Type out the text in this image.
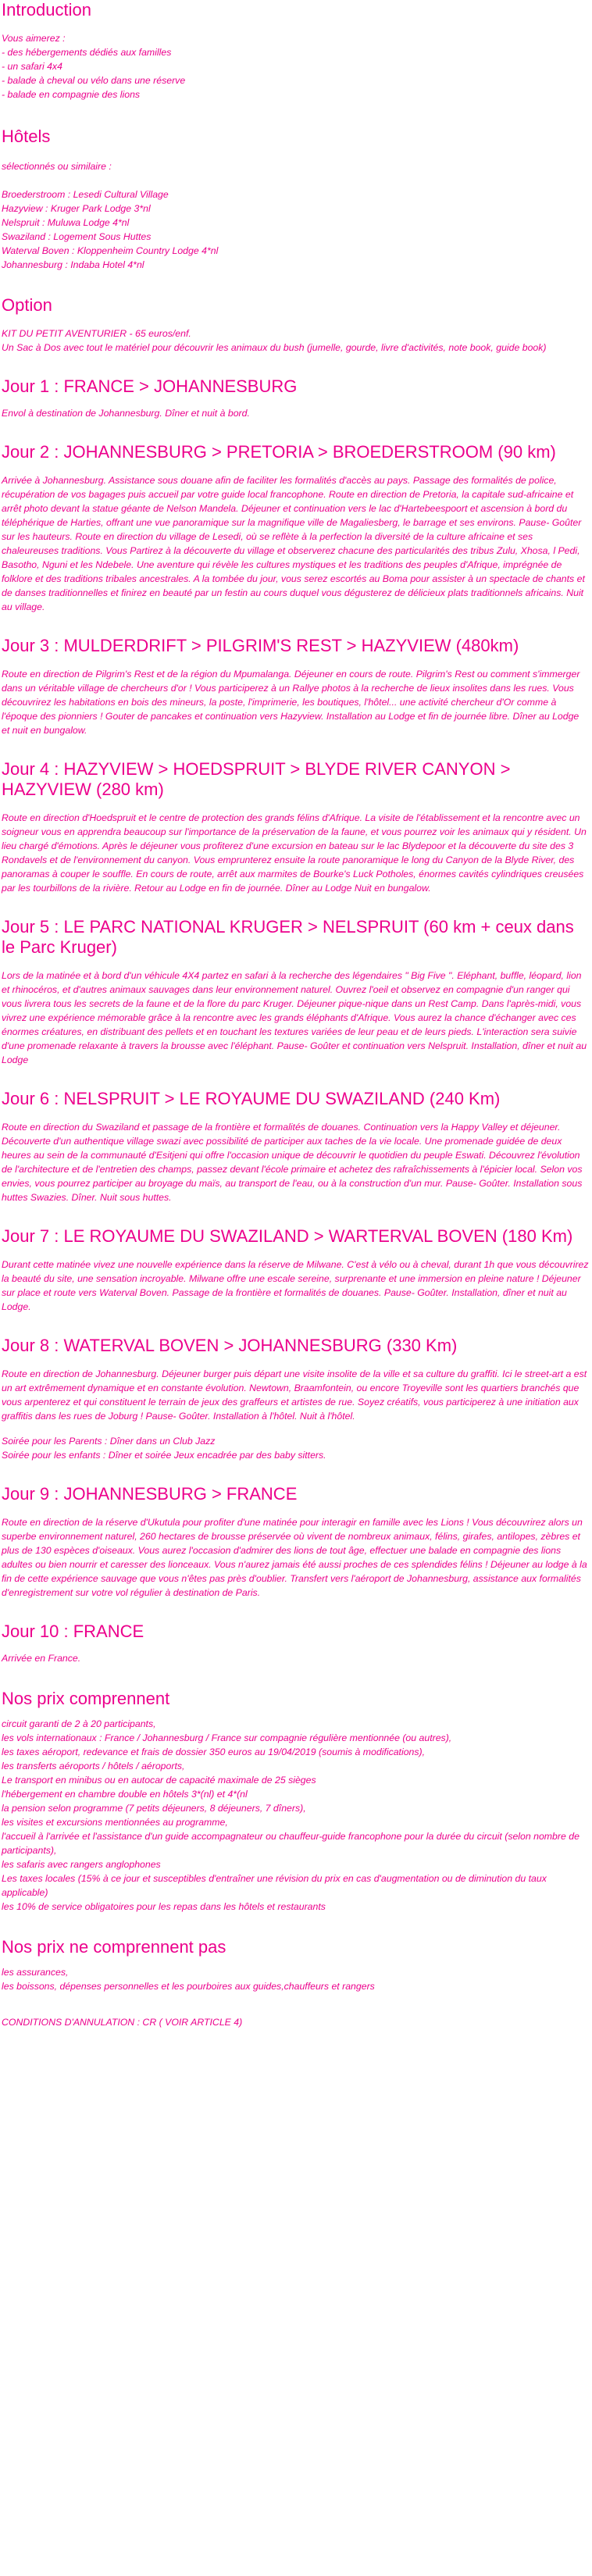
Introduction

Vous aimerez :
- des hébergements dédiés aux familles
- un safari 4x4
- balade à cheval ou vélo dans une réserve
- balade en compagnie des lions

Hôtels

sélectionnés ou similaire :

Broederstroom : Lesedi Cultural Village
Hazyview : Kruger Park Lodge 3*nl
Nelspruit : Muluwa Lodge 4*nl
Swaziland : Logement Sous Huttes
Waterval Boven : Kloppenheim Country Lodge 4*nl
Johannesburg : Indaba Hotel 4*nl

Option

KIT DU PETIT AVENTURIER - 65 euros/enf.
Un Sac à Dos avec tout le matériel pour découvrir les animaux du bush (jumelle, gourde, livre d'activités, note book, guide book)

Jour 1 : FRANCE > JOHANNESBURG

Envol à destination de Johannesburg. Dîner et nuit à bord.

Jour 2 : JOHANNESBURG > PRETORIA > BROEDERSTROOM (90 km)

Arrivée à Johannesburg. Assistance sous douane afin de faciliter les formalités d'accès au pays. Passage des formalités de police, récupération de vos bagages puis accueil par votre guide local francophone. Route en direction de Pretoria, la capitale sud-africaine et arrêt photo devant la statue géante de Nelson Mandela. Déjeuner et continuation vers le lac d'Hartebeespoort et ascension à bord du téléphérique de Harties, offrant une vue panoramique sur la magnifique ville de Magaliesberg, le barrage et ses environs. Pause- Goûter sur les hauteurs. Route en direction du village de Lesedi, où se reflète à la perfection la diversité de la culture africaine et ses chaleureuses traditions. Vous Partirez à la découverte du village et observerez chacune des particularités des tribus Zulu, Xhosa, l Pedi, Basotho, Nguni et les Ndebele. Une aventure qui révèle les cultures mystiques et les traditions des peuples d'Afrique, imprégnée de folklore et des traditions tribales ancestrales. A la tombée du jour, vous serez escortés au Boma pour assister à un spectacle de chants et de danses traditionnelles et finirez en beauté par un festin au cours duquel vous dégusterez de délicieux plats traditionnels africains. Nuit au village.

Jour 3 : MULDERDRIFT > PILGRIM'S REST > HAZYVIEW (480km)

Route en direction de Pilgrim's Rest et de la région du Mpumalanga. Déjeuner en cours de route. Pilgrim's Rest ou comment s'immerger dans un véritable village de chercheurs d'or ! Vous participerez à un Rallye photos à la recherche de lieux insolites dans les rues. Vous découvrirez les habitations en bois des mineurs, la poste, l'imprimerie, les boutiques, l'hôtel... une activité chercheur d'Or comme à l'époque des pionniers ! Gouter de pancakes et continuation vers Hazyview. Installation au Lodge et fin de journée libre. Dîner au Lodge et nuit en bungalow.

Jour 4 : HAZYVIEW > HOEDSPRUIT > BLYDE RIVER CANYON > HAZYVIEW (280 km)

Route en direction d'Hoedspruit et le centre de protection des grands félins d'Afrique. La visite de l'établissement et la rencontre avec un soigneur vous en apprendra beaucoup sur l'importance de la préservation de la faune, et vous pourrez voir les animaux qui y résident. Un lieu chargé d'émotions. Après le déjeuner vous profiterez d'une excursion en bateau sur le lac Blydepoor et la découverte du site des 3 Rondavels et de l'environnement du canyon. Vous emprunterez ensuite la route panoramique le long du Canyon de la Blyde River, des panoramas à couper le souffle. En cours de route, arrêt aux marmites de Bourke's Luck Potholes, énormes cavités cylindriques creusées par les tourbillons de la rivière. Retour au Lodge en fin de journée. Dîner au Lodge Nuit en bungalow.

Jour 5 : LE PARC NATIONAL KRUGER > NELSPRUIT (60 km + ceux dans le Parc Kruger)

Lors de la matinée et à bord d'un véhicule 4X4 partez en safari à la recherche des légendaires " Big Five ". Eléphant, buffle, léopard, lion et rhinocéros, et d'autres animaux sauvages dans leur environnement naturel. Ouvrez l'oeil et observez en compagnie d'un ranger qui vous livrera tous les secrets de la faune et de la flore du parc Kruger. Déjeuner pique-nique dans un Rest Camp. Dans l'après-midi, vous vivrez une expérience mémorable grâce à la rencontre avec les grands éléphants d'Afrique. Vous aurez la chance d'échanger avec ces énormes créatures, en distribuant des pellets et en touchant les textures variées de leur peau et de leurs pieds. L'interaction sera suivie d'une promenade relaxante à travers la brousse avec l'éléphant. Pause- Goûter et continuation vers Nelspruit. Installation, dîner et nuit au Lodge

Jour 6 : NELSPRUIT > LE ROYAUME DU SWAZILAND (240 Km)

Route en direction du Swaziland et passage de la frontière et formalités de douanes. Continuation vers la Happy Valley et déjeuner. Découverte d'un authentique village swazi avec possibilité de participer aux taches de la vie locale. Une promenade guidée de deux heures au sein de la communauté d'Esitjeni qui offre l'occasion unique de découvrir le quotidien du peuple Eswati. Découvrez l'évolution de l'architecture et de l'entretien des champs, passez devant l'école primaire et achetez des rafraîchissements à l'épicier local. Selon vos envies, vous pourrez participer au broyage du maïs, au transport de l'eau, ou à la construction d'un mur. Pause- Goûter. Installation sous huttes Swazies. Dîner. Nuit sous huttes.

Jour 7 : LE ROYAUME DU SWAZILAND > WARTERVAL BOVEN (180 Km)

Durant cette matinée vivez une nouvelle expérience dans la réserve de Milwane. C'est à vélo ou à cheval, durant 1h que vous découvrirez la beauté du site, une sensation incroyable. Milwane offre une escale sereine, surprenante et une immersion en pleine nature ! Déjeuner sur place et route vers Waterval Boven. Passage de la frontière et formalités de douanes. Pause- Goûter. Installation, dîner et nuit au Lodge.

Jour 8 : WATERVAL BOVEN > JOHANNESBURG (330 Km)

Route en direction de Johannesburg. Déjeuner burger puis départ une visite insolite de la ville et sa culture du graffiti. Ici le street-art a est un art extrêmement dynamique et en constante évolution. Newtown, Braamfontein, ou encore Troyeville sont les quartiers branchés que vous arpenterez et qui constituent le terrain de jeux des graffeurs et artistes de rue. Soyez créatifs, vous participerez à une initiation aux graffitis dans les rues de Joburg ! Pause- Goûter. Installation à l'hôtel. Nuit à l'hôtel.

Soirée pour les Parents : Dîner dans un Club Jazz
Soirée pour les enfants : Dîner et soirée Jeux encadrée par des baby sitters.

Jour 9 : JOHANNESBURG > FRANCE

Route en direction de la réserve d'Ukutula pour profiter d'une matinée pour interagir en famille avec les Lions ! Vous découvrirez alors un superbe environnement naturel, 260 hectares de brousse préservée où vivent de nombreux animaux, félins, girafes, antilopes, zèbres et plus de 130 espèces d'oiseaux. Vous aurez l'occasion d'admirer des lions de tout âge, effectuer une balade en compagnie des lions adultes ou bien nourrir et caresser des lionceaux. Vous n'aurez jamais été aussi proches de ces splendides félins ! Déjeuner au lodge à la fin de cette expérience sauvage que vous n'êtes pas près d'oublier. Transfert vers l'aéroport de Johannesburg, assistance aux formalités d'enregistrement sur votre vol régulier à destination de Paris.

Jour 10 : FRANCE

Arrivée en France.

Nos prix comprennent

circuit garanti de 2 à 20 participants,
les vols internationaux : France / Johannesburg / France sur compagnie régulière mentionnée (ou autres),
les taxes aéroport, redevance et frais de dossier 350 euros au 19/04/2019 (soumis à modifications),
les transferts aéroports / hôtels / aéroports,
Le transport en minibus ou en autocar de capacité maximale de 25 sièges
l'hébergement en chambre double en hôtels 3*(nl) et 4*(nl
la pension selon programme (7 petits déjeuners, 8 déjeuners, 7 dîners),
les visites et excursions mentionnées au programme,
l'accueil à l'arrivée et l'assistance d'un guide accompagnateur ou chauffeur-guide francophone pour la durée du circuit (selon nombre de participants),
les safaris avec rangers anglophones
Les taxes locales (15% à ce jour et susceptibles d'entraîner une révision du prix en cas d'augmentation ou de diminution du taux applicable)
les 10% de service obligatoires pour les repas dans les hôtels et restaurants

Nos prix ne comprennent pas

les assurances,
les boissons, dépenses personnelles et les pourboires aux guides,chauffeurs et rangers

CONDITIONS D'ANNULATION : CR ( VOIR ARTICLE 4)
